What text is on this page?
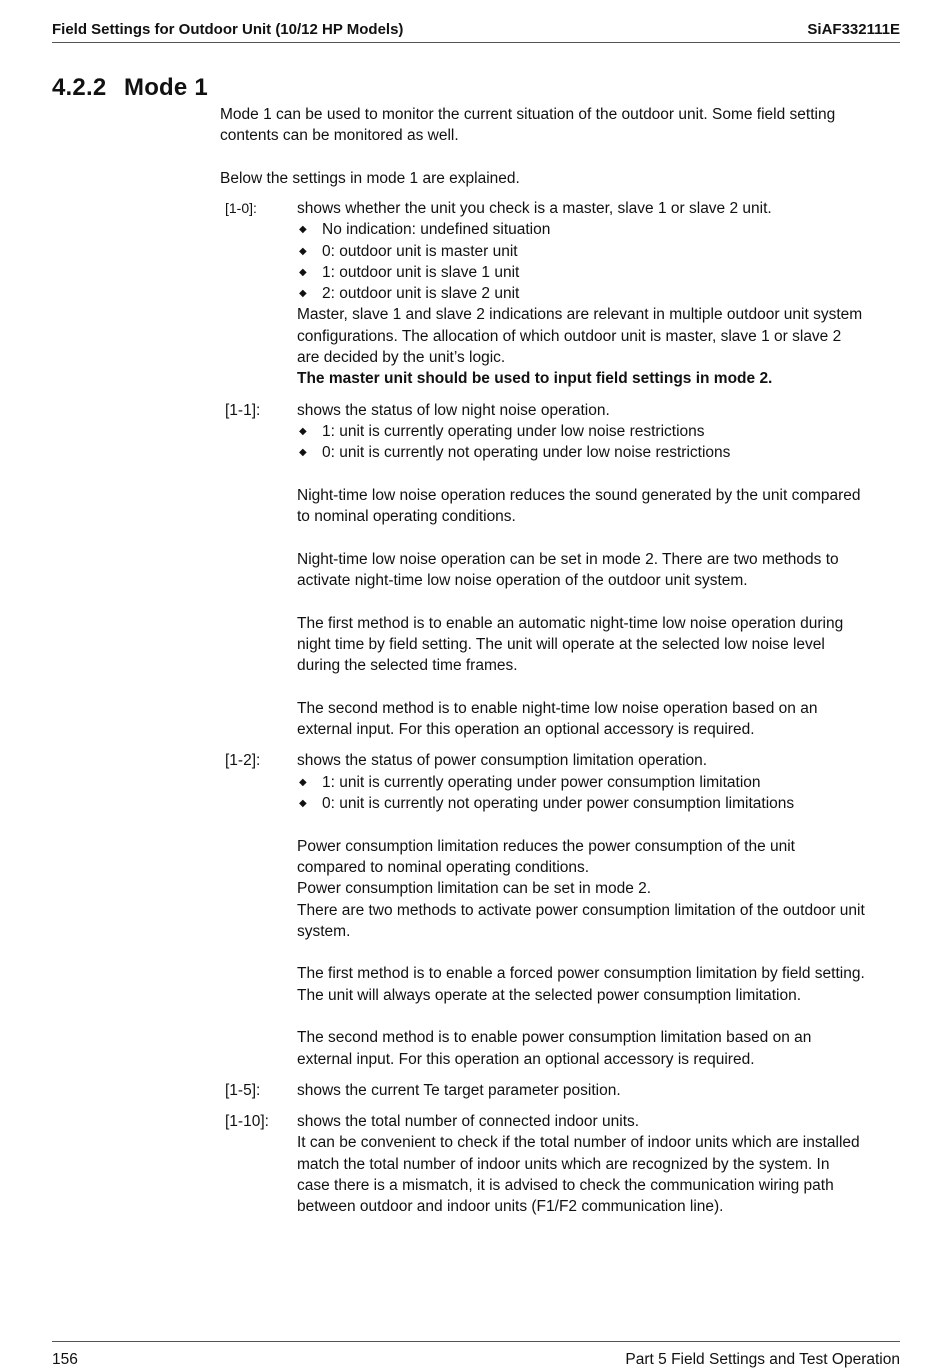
Field Settings for Outdoor Unit (10/12 HP Models)	SiAF332111E
4.2.2 Mode 1

Mode 1 can be used to monitor the current situation of the outdoor unit. Some field setting contents can be monitored as well.

Below the settings in mode 1 are explained.

[1-0]:	shows whether the unit you check is a master, slave 1 or slave 2 unit.

◆ No indication: undefined situation
◆ 0: outdoor unit is master unit
◆ 1: outdoor unit is slave 1 unit
◆ 2: outdoor unit is slave 2 unit

Master, slave 1 and slave 2 indications are relevant in multiple outdoor unit system configurations. The allocation of which outdoor unit is master, slave 1 or slave 2 are decided by the unit’s logic.

The master unit should be used to input field settings in mode 2.

[1-1]:	shows the status of low night noise operation.

◆ 1: unit is currently operating under low noise restrictions
◆ 0: unit is currently not operating under low noise restrictions

Night-time low noise operation reduces the sound generated by the unit compared to nominal operating conditions.

Night-time low noise operation can be set in mode 2. There are two methods to activate night-time low noise operation of the outdoor unit system.

The first method is to enable an automatic night-time low noise operation during night time by field setting. The unit will operate at the selected low noise level during the selected time frames.

The second method is to enable night-time low noise operation based on an external input. For this operation an optional accessory is required.

[1-2]:	shows the status of power consumption limitation operation.

◆ 1: unit is currently operating under power consumption limitation
◆ 0: unit is currently not operating under power consumption limitations

Power consumption limitation reduces the power consumption of the unit compared to nominal operating conditions.

Power consumption limitation can be set in mode 2.

There are two methods to activate power consumption limitation of the outdoor unit system.

The first method is to enable a forced power consumption limitation by field setting. The unit will always operate at the selected power consumption limitation.

The second method is to enable power consumption limitation based on an external input. For this operation an optional accessory is required.

[1-5]:	shows the current Te target parameter position.

[1-10]:	shows the total number of connected indoor units.

It can be convenient to check if the total number of indoor units which are installed match the total number of indoor units which are recognized by the system. In case there is a mismatch, it is advised to check the communication wiring path between outdoor and indoor units (F1/F2 communication line).

156	Part 5 Field Settings and Test Operation
